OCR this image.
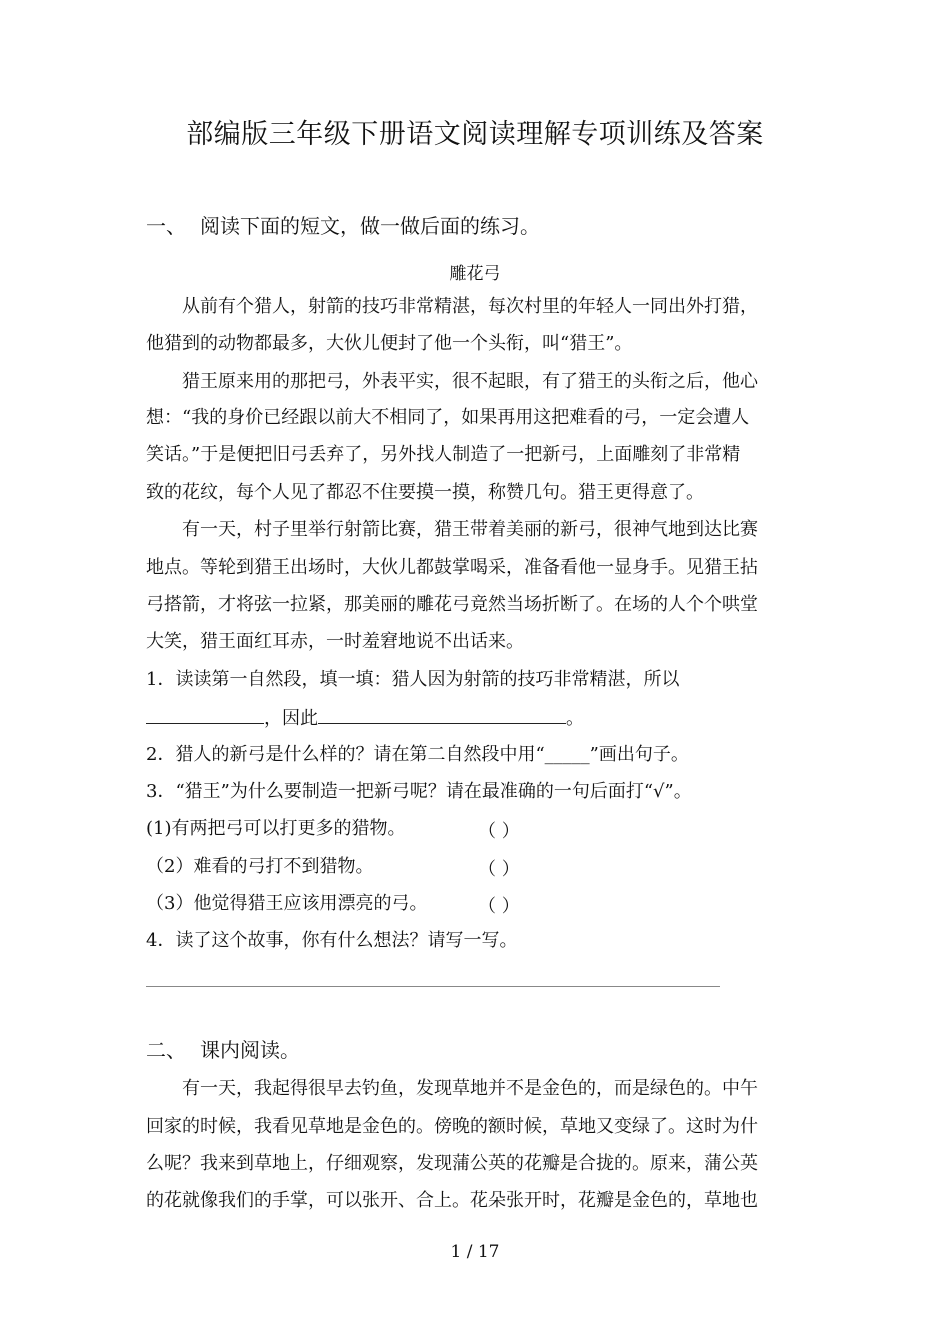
部编版三年级下册语文阅读理解专项训练及答案
一、 阅读下面的短文，做一做后面的练习。
雕花弓
从前有个猎人，射箭的技巧非常精湛，每次村里的年轻人一同出外打猎，
他猎到的动物都最多，大伙儿便封了他一个头衔，叫“猎王”。
猎王原来用的那把弓，外表平实，很不起眼，有了猎王的头衔之后，他心
想：“我的身价已经跟以前大不相同了，如果再用这把难看的弓，一定会遭人
笑话。”于是便把旧弓丢弃了，另外找人制造了一把新弓，上面雕刻了非常精
致的花纹，每个人见了都忍不住要摸一摸，称赞几句。猎王更得意了。
有一天，村子里举行射箭比赛，猎王带着美丽的新弓，很神气地到达比赛
地点。等轮到猎王出场时，大伙儿都鼓掌喝采，准备看他一显身手。见猎王拈
弓搭箭，才将弦一拉紧，那美丽的雕花弓竟然当场折断了。在场的人个个哄堂
大笑，猎王面红耳赤，一时羞窘地说不出话来。
1．读读第一自然段，填一填：猎人因为射箭的技巧非常精湛，所以
，因此	。
2．猎人的新弓是什么样的？请在第二自然段中用“_____”画出句子。
3．“猎王”为什么要制造一把新弓呢？请在最准确的一句后面打“√”。
(1)有两把弓可以打更多的猎物。	（ ）
（2）难看的弓打不到猎物。	（ ）
（3）他觉得猎王应该用漂亮的弓。	（ ）
4．读了这个故事，你有什么想法？请写一写。
二、 课内阅读。
有一天，我起得很早去钓鱼，发现草地并不是金色的，而是绿色的。中午
回家的时候，我看见草地是金色的。傍晚的额时候，草地又变绿了。这时为什
么呢？我来到草地上，仔细观察，发现蒲公英的花瓣是合拢的。原来，蒲公英
的花就像我们的手掌，可以张开、合上。花朵张开时，花瓣是金色的，草地也
1 / 17
